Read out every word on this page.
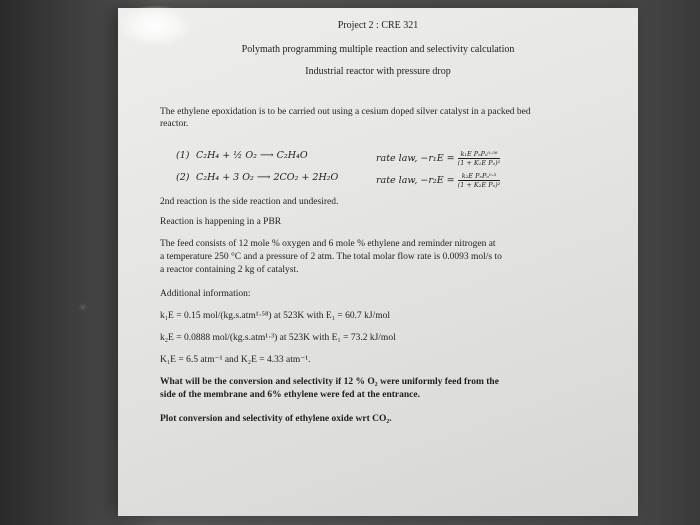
Project 2 : CRE 321
Polymath programming multiple reaction and selectivity calculation
Industrial reactor with pressure drop
The ethylene epoxidation is to be carried out using a cesium doped silver catalyst in a packed bed reactor.
(1) C₂H₄ + ½ O₂ ⟶ C₂H₄O	rate law, $-r_1E = \frac{\text{k₁E PₑPₒ⁰·⁵⁸}}{\text{(1 + K₁E Pₑ)²}}$
(2) C₂H₄ + 3 O₂ ⟶ 2CO₂ + 2H₂O	rate law, $-r_2E = \frac{\text{k₂E PₑPₒ⁰·³}}{\text{(1 + K₂E Pₑ)²}}$
2nd reaction is the side reaction and undesired.
Reaction is happening in a PBR
The feed consists of 12 mole % oxygen and 6 mole % ethylene and reminder nitrogen at
a temperature 250 °C and a pressure of 2 atm. The total molar flow rate is 0.0093 mol/s to
a reactor containing 2 kg of catalyst.
Additional information:
k₁E = 0.15 mol/(kg.s.atm¹·⁵⁸) at 523K with E₁ = 60.7 kJ/mol
k₂E = 0.0888 mol/(kg.s.atm¹·³) at 523K with E₁ = 73.2 kJ/mol
K₁E = 6.5 atm⁻¹ and K₂E = 4.33 atm⁻¹.
What will be the conversion and selectivity if 12 % O₂ were uniformly feed from the
side of the membrane and 6% ethylene were fed at the entrance.
Plot conversion and selectivity of ethylene oxide wrt CO₂.
✶
